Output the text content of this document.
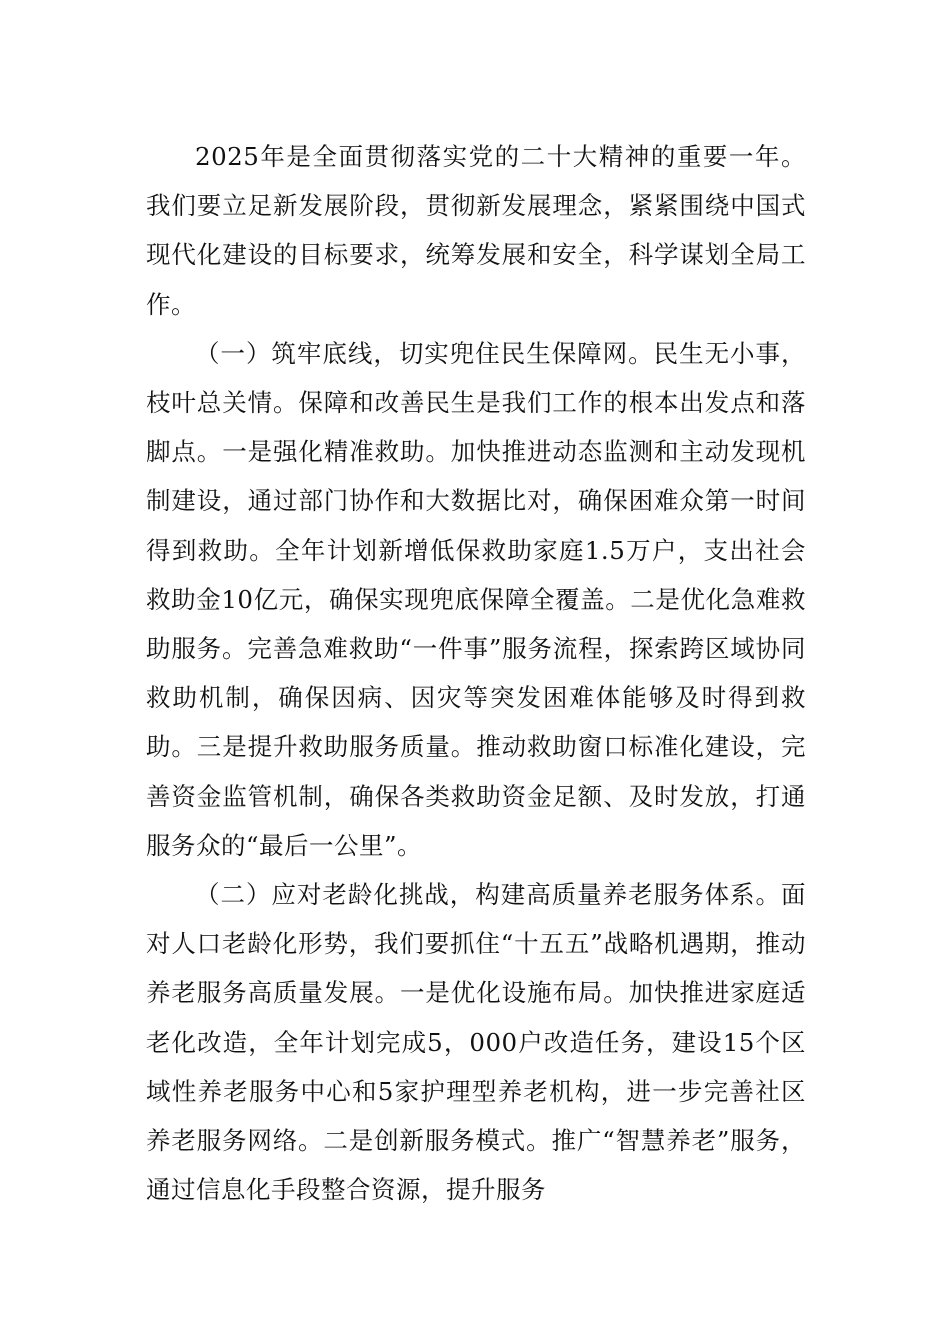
2025年是全面贯彻落实党的二十大精神的重要一年。我们要立足新发展阶段，贯彻新发展理念，紧紧围绕中国式现代化建设的目标要求，统筹发展和安全，科学谋划全局工作。

（一）筑牢底线，切实兜住民生保障网。民生无小事，枝叶总关情。保障和改善民生是我们工作的根本出发点和落脚点。一是强化精准救助。加快推进动态监测和主动发现机制建设，通过部门协作和大数据比对，确保困难众第一时间得到救助。全年计划新增低保救助家庭1.5万户，支出社会救助金10亿元，确保实现兜底保障全覆盖。二是优化急难救助服务。完善急难救助“一件事”服务流程，探索跨区域协同救助机制，确保因病、因灾等突发困难体能够及时得到救助。三是提升救助服务质量。推动救助窗口标准化建设，完善资金监管机制，确保各类救助资金足额、及时发放，打通服务众的“最后一公里”。

（二）应对老龄化挑战，构建高质量养老服务体系。面对人口老龄化形势，我们要抓住“十五五”战略机遇期，推动养老服务高质量发展。一是优化设施布局。加快推进家庭适老化改造，全年计划完成5，000户改造任务，建设15个区域性养老服务中心和5家护理型养老机构，进一步完善社区养老服务网络。二是创新服务模式。推广“智慧养老”服务，通过信息化手段整合资源，提升服务
